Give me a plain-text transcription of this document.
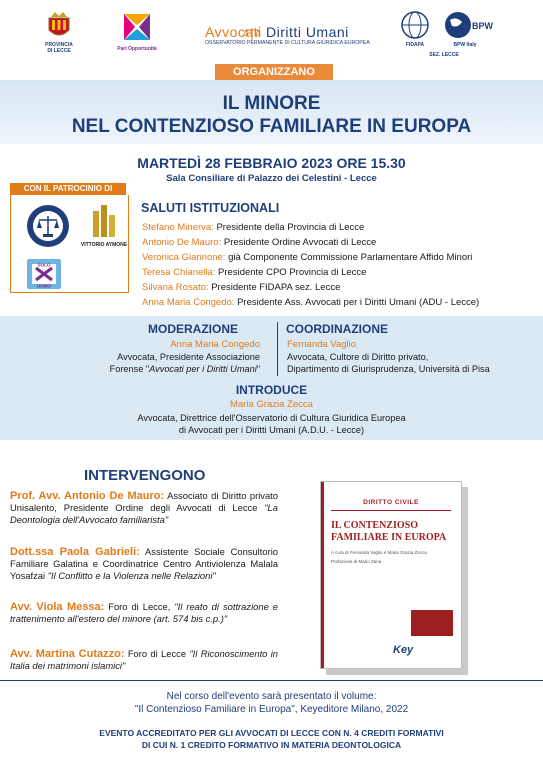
PROVINCIA
DI LECCE	Pari Opportunità
Avvocati Diritti Umani
OSSERVATORIO PERMANENTE DI CULTURA GIURIDICA EUROPEA	FIDAPA
BPW
BPW Italy
SEZ. LECCE
ORGANIZZANO
IL MINORE
NEL CONTENZIOSO FAMILIARE IN EUROPA
MARTEDÌ 28 FEBBRAIO 2023 ORE 15.30
Sala Consiliare di Palazzo dei Celestini - Lecce
CON IL PATROCINIO DI
VITTORIO AYMONE
SOLO
UOMO
SALUTI ISTITUZIONALI
Stefano Minerva: Presidente della Provincia di Lecce
Antonio De Mauro: Presidente Ordine Avvocati di Lecce
Veronica Giannone: già Componente Commissione Parlamentare Affido Minori
Teresa Chianella: Presidente CPO Provincia di Lecce
Silvana Rosato: Presidente FIDAPA sez. Lecce
Anna Maria Congedo: Presidente Ass. Avvocati per i Diritti Umani (ADU - Lecce)
MODERAZIONE
Anna Maria Congedo
Avvocata, Presidente Associazione
Forense "Avvocati per i Diritti Umani"
COORDINAZIONE
Fernanda Vaglio
Avvocata, Cultore di Diritto privato,
Dipartimento di Giurisprudenza, Università di Pisa
INTRODUCE
Maria Grazia Zecca
Avvocata, Direttrice dell'Osservatorio di Cultura Giuridica Europea
di Avvocati per i Diritti Umani (A.D.U. - Lecce)
INTERVENGONO
Prof. Avv. Antonio De Mauro: Associato di Diritto privato Unisalento, Presidente Ordine degli Avvocati di Lecce "La Deontologia dell'Avvocato familiarista"
Dott.ssa Paola Gabrieli: Assistente Sociale Consultorio Familiare Galatina e Coordinatrice Centro Antiviolenza Malala Yosafzai "Il Conflitto e la Violenza nelle Relazioni"
Avv. Viola Messa: Foro di Lecce, "Il reato di sottrazione e trattenimento all'estero del minore (art. 574 bis c.p.)"
Avv. Martina Cutazzo: Foro di Lecce "Il Riconoscimento in Italia dei matrimoni islamici"
DIRITTO CIVILE
IL CONTENZIOSO FAMILIARE IN EUROPA
A cura di Fernanda Vaglio e Maria Grazia Zecca
Prefazione di Mario Zana
Key
Nel corso dell'evento sarà presentato il volume:
"Il Contenzioso Familiare in Europa", Keyeditore Milano, 2022
EVENTO ACCREDITATO PER GLI AVVOCATI DI LECCE CON N. 4 CREDITI FORMATIVI
DI CUI N. 1 CREDITO FORMATIVO IN MATERIA DEONTOLOGICA
